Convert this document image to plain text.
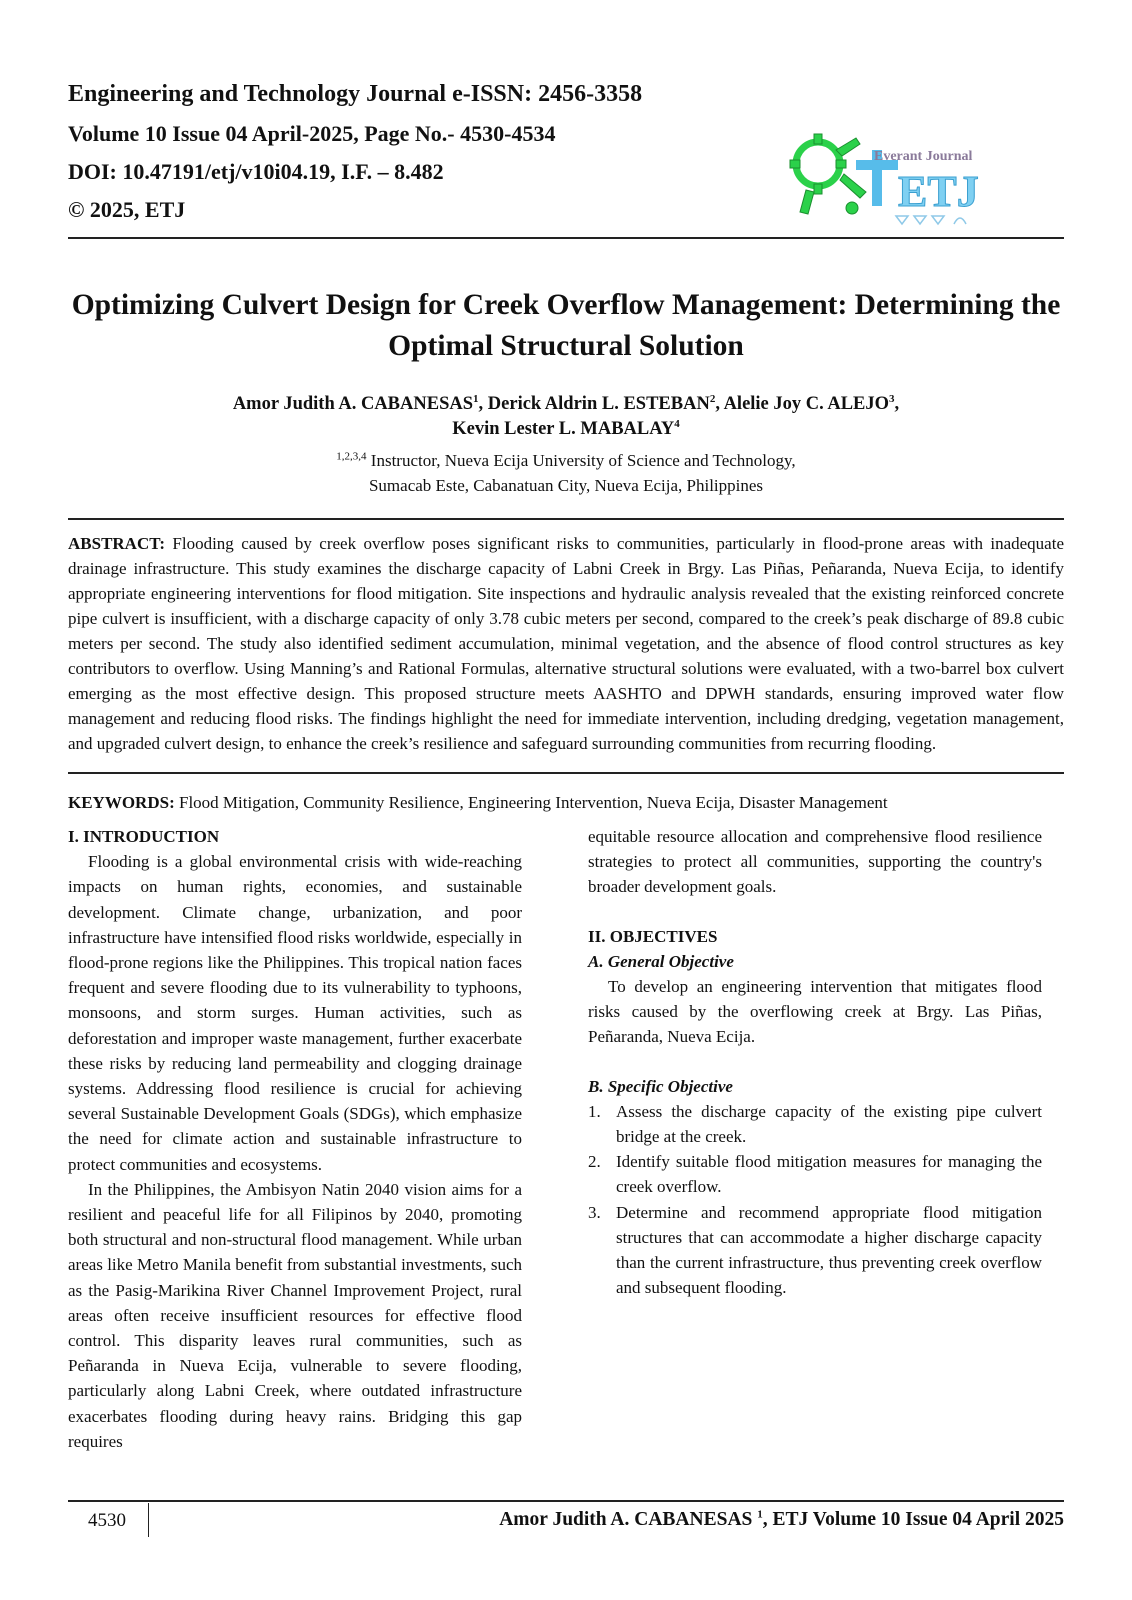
Engineering and Technology Journal e-ISSN: 2456-3358
Volume 10 Issue 04 April-2025, Page No.- 4530-4534
DOI: 10.47191/etj/v10i04.19, I.F. – 8.482
© 2025, ETJ
Everant Journal
ETJ
Optimizing Culvert Design for Creek Overflow Management: Determining the Optimal Structural Solution
Amor Judith A. CABANESAS$^1$, Derick Aldrin L. ESTEBAN$^2$, Alelie Joy C. ALEJO$^3$,
Kevin Lester L. MABALAY$^4$
$^{1,2,3,4}$ Instructor, Nueva Ecija University of Science and Technology,
Sumacab Este, Cabanatuan City, Nueva Ecija, Philippines

ABSTRACT: Flooding caused by creek overflow poses significant risks to communities, particularly in flood-prone areas with inadequate drainage infrastructure. This study examines the discharge capacity of Labni Creek in Brgy. Las Piñas, Peñaranda, Nueva Ecija, to identify appropriate engineering interventions for flood mitigation. Site inspections and hydraulic analysis revealed that the existing reinforced concrete pipe culvert is insufficient, with a discharge capacity of only 3.78 cubic meters per second, compared to the creek’s peak discharge of 89.8 cubic meters per second. The study also identified sediment accumulation, minimal vegetation, and the absence of flood control structures as key contributors to overflow. Using Manning’s and Rational Formulas, alternative structural solutions were evaluated, with a two-barrel box culvert emerging as the most effective design. This proposed structure meets AASHTO and DPWH standards, ensuring improved water flow management and reducing flood risks. The findings highlight the need for immediate intervention, including dredging, vegetation management, and upgraded culvert design, to enhance the creek’s resilience and safeguard surrounding communities from recurring flooding.

KEYWORDS: Flood Mitigation, Community Resilience, Engineering Intervention, Nueva Ecija, Disaster Management

I. INTRODUCTION

Flooding is a global environmental crisis with wide-reaching impacts on human rights, economies, and sustainable development. Climate change, urbanization, and poor infrastructure have intensified flood risks worldwide, especially in flood-prone regions like the Philippines. This tropical nation faces frequent and severe flooding due to its vulnerability to typhoons, monsoons, and storm surges. Human activities, such as deforestation and improper waste management, further exacerbate these risks by reducing land permeability and clogging drainage systems. Addressing flood resilience is crucial for achieving several Sustainable Development Goals (SDGs), which emphasize the need for climate action and sustainable infrastructure to protect communities and ecosystems.

In the Philippines, the Ambisyon Natin 2040 vision aims for a resilient and peaceful life for all Filipinos by 2040, promoting both structural and non-structural flood management. While urban areas like Metro Manila benefit from substantial investments, such as the Pasig-Marikina River Channel Improvement Project, rural areas often receive insufficient resources for effective flood control. This disparity leaves rural communities, such as Peñaranda in Nueva Ecija, vulnerable to severe flooding, particularly along Labni Creek, where outdated infrastructure exacerbates flooding during heavy rains. Bridging this gap requires

equitable resource allocation and comprehensive flood resilience strategies to protect all communities, supporting the country's broader development goals.

II. OBJECTIVES

A. General Objective

To develop an engineering intervention that mitigates flood risks caused by the overflowing creek at Brgy. Las Piñas, Peñaranda, Nueva Ecija.

B. Specific Objective

1. Assess the discharge capacity of the existing pipe culvert bridge at the creek.
2. Identify suitable flood mitigation measures for managing the creek overflow.
3. Determine and recommend appropriate flood mitigation structures that can accommodate a higher discharge capacity than the current infrastructure, thus preventing creek overflow and subsequent flooding.
4530	Amor Judith A. CABANESAS $^1$, ETJ Volume 10 Issue 04 April 2025
